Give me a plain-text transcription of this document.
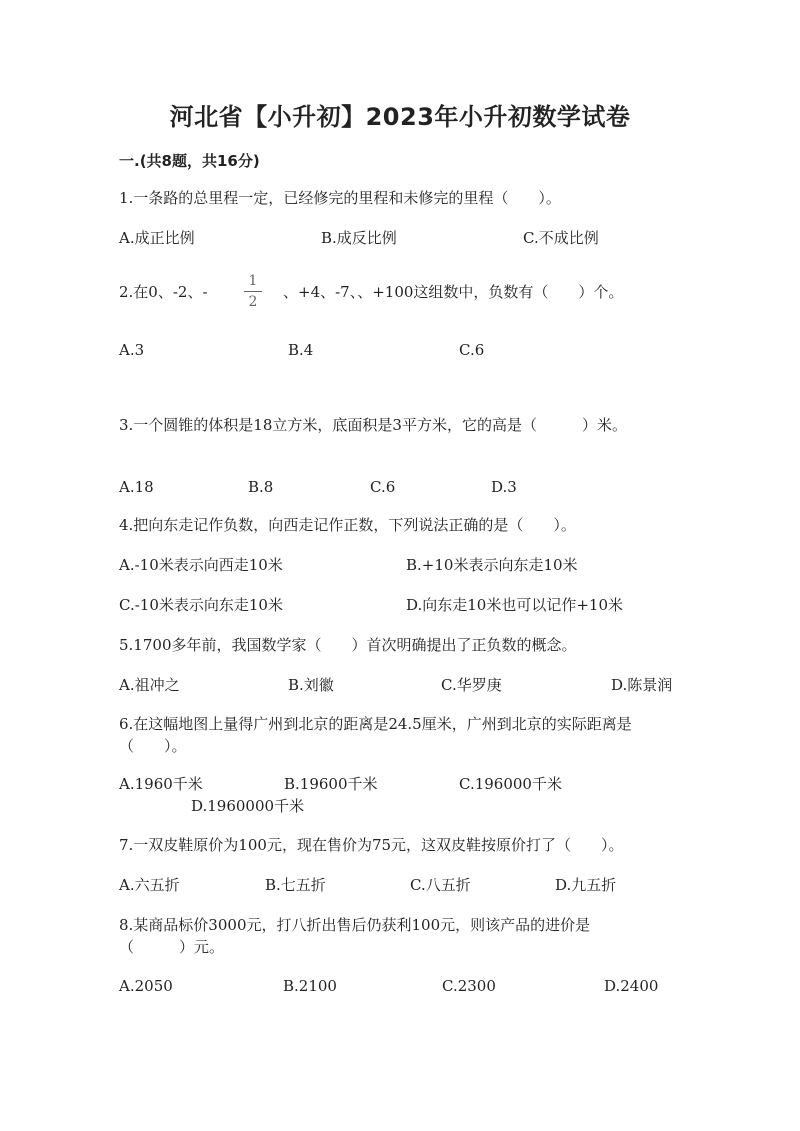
河北省【小升初】2023年小升初数学试卷
一.(共8题，共16分)
1.一条路的总里程一定，已经修完的里程和未修完的里程（　　）。
A.成正比例	B.成反比例	C.不成比例
2.在0、-2、-
1
2
、+4、-7、、+100这组数中，负数有（　　）个。
A.3	B.4	C.6
3.一个圆锥的体积是18立方米，底面积是3平方米，它的高是（　　　）米。
A.18	B.8	C.6	D.3
4.把向东走记作负数，向西走记作正数，下列说法正确的是（　　）。
A.-10米表示向西走10米	B.+10米表示向东走10米
C.-10米表示向东走10米	D.向东走10米也可以记作+10米
5.1700多年前，我国数学家（　　）首次明确提出了正负数的概念。
A.祖冲之	B.刘徽	C.华罗庚	D.陈景润
6.在这幅地图上量得广州到北京的距离是24.5厘米，广州到北京的实际距离是
（　　）。
A.1960千米	B.19600千米	C.196000千米
D.1960000千米
7.一双皮鞋原价为100元，现在售价为75元，这双皮鞋按原价打了（　　）。
A.六五折	B.七五折	C.八五折	D.九五折
8.某商品标价3000元，打八折出售后仍获利100元，则该产品的进价是
（　　　）元。
A.2050	B.2100	C.2300	D.2400
